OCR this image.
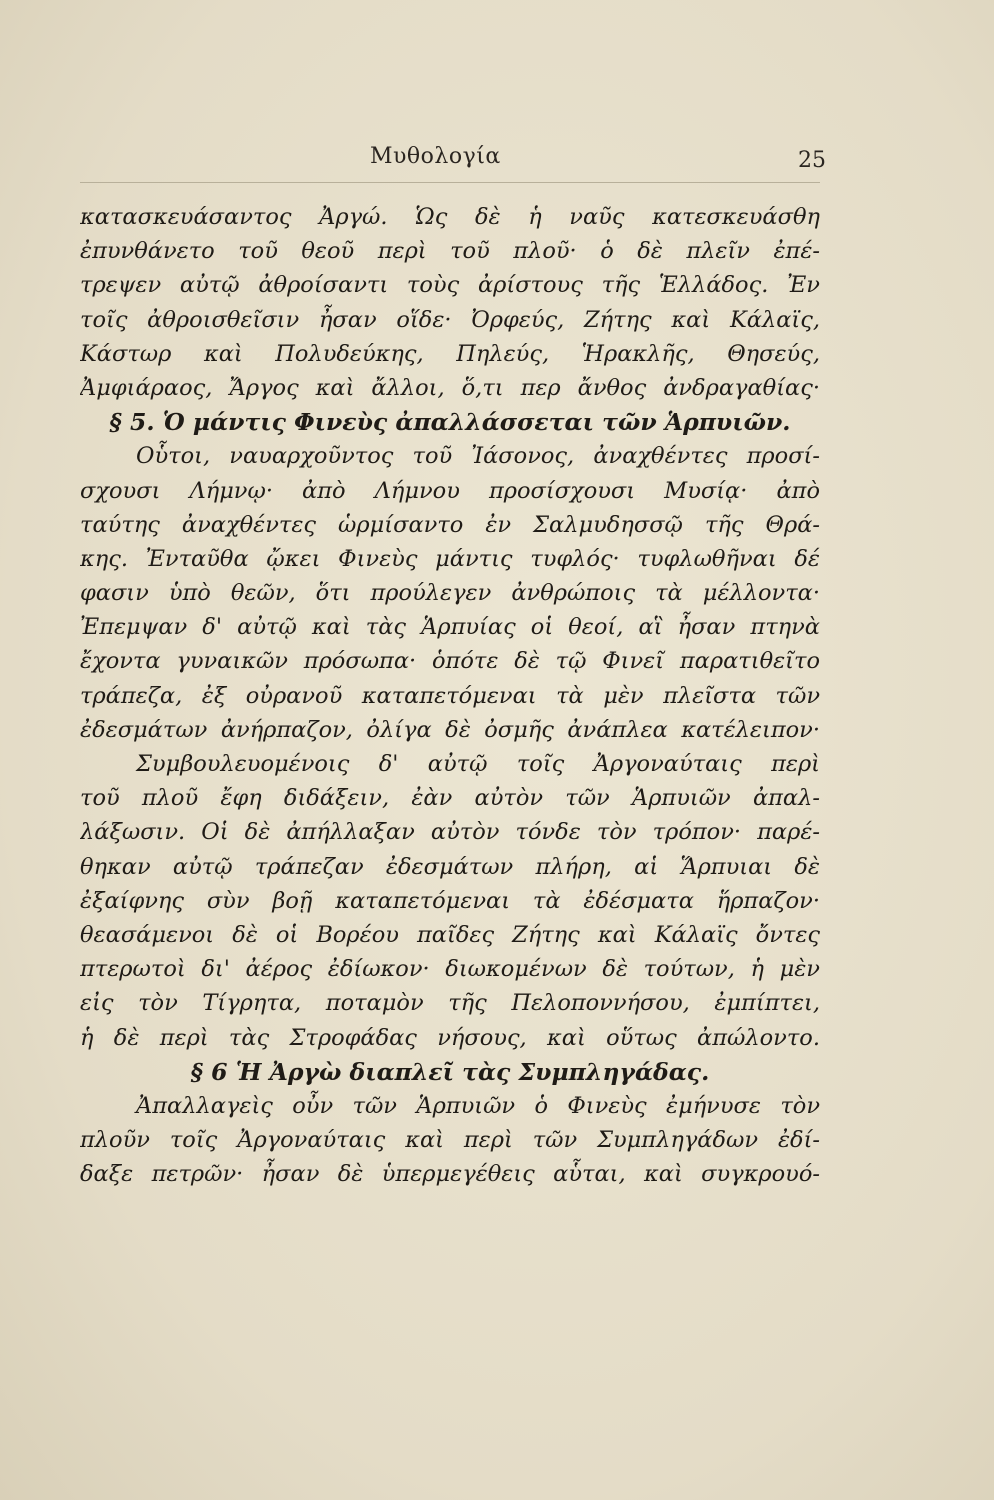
Μυθολογία	25
κατασκευάσαντος Ἀργώ. Ὡς δὲ ἡ ναῦς κατεσκευάσθη
ἐπυνθάνετο τοῦ θεοῦ περὶ τοῦ πλοῦ· ὁ δὲ πλεῖν ἐπέ-
τρεψεν αὐτῷ ἀθροίσαντι τοὺς ἀρίστους τῆς Ἑλλάδος. Ἐν
τοῖς ἀθροισθεῖσιν ἦσαν οἵδε· Ὀρφεύς, Ζήτης καὶ Κάλαϊς,
Κάστωρ καὶ Πολυδεύκης, Πηλεύς, Ἡρακλῆς, Θησεύς,
Ἀμφιάραος, Ἄργος καὶ ἄλλοι, ὅ,τι περ ἄνθος ἀνδραγαθίας·
§ 5. Ὁ μάντις Φινεὺς ἀπαλλάσσεται τῶν Ἁρπυιῶν.
Οὗτοι, ναυαρχοῦντος τοῦ Ἰάσονος, ἀναχθέντες προσί-
σχουσι Λήμνῳ· ἀπὸ Λήμνου προσίσχουσι Μυσίᾳ· ἀπὸ
ταύτης ἀναχθέντες ὡρμίσαντο ἐν Σαλμυδησσῷ τῆς Θρά-
κης. Ἐνταῦθα ᾤκει Φινεὺς μάντις τυφλός· τυφλωθῆναι δέ
φασιν ὑπὸ θεῶν, ὅτι προύλεγεν ἀνθρώποις τὰ μέλλοντα·
Ἐπεμψαν δ' αὐτῷ καὶ τὰς Ἁρπυίας οἱ θεοί, αἳ ἦσαν πτηνὰ
ἔχοντα γυναικῶν πρόσωπα· ὁπότε δὲ τῷ Φινεῖ παρατιθεῖτο
τράπεζα, ἐξ οὐρανοῦ καταπετόμεναι τὰ μὲν πλεῖστα τῶν
ἐδεσμάτων ἀνήρπαζον, ὀλίγα δὲ ὀσμῆς ἀνάπλεα κατέλειπον·
Συμβουλευομένοις δ' αὐτῷ τοῖς Ἀργοναύταις περὶ
τοῦ πλοῦ ἔφη διδάξειν, ἐὰν αὐτὸν τῶν Ἁρπυιῶν ἀπαλ-
λάξωσιν. Οἱ δὲ ἀπήλλαξαν αὐτὸν τόνδε τὸν τρόπον· παρέ-
θηκαν αὐτῷ τράπεζαν ἐδεσμάτων πλήρη, αἱ Ἅρπυιαι δὲ
ἐξαίφνης σὺν βοῇ καταπετόμεναι τὰ ἐδέσματα ἥρπαζον·
θεασάμενοι δὲ οἱ Βορέου παῖδες Ζήτης καὶ Κάλαϊς ὄντες
πτερωτοὶ δι' ἀέρος ἐδίωκον· διωκομένων δὲ τούτων, ἡ μὲν
εἰς τὸν Τίγρητα, ποταμὸν τῆς Πελοποννήσου, ἐμπίπτει,
ἡ δὲ περὶ τὰς Στροφάδας νήσους, καὶ οὕτως ἀπώλοντο.
§ 6 Ἡ Ἀργὼ διαπλεῖ τὰς Συμπληγάδας.
Ἀπαλλαγεὶς οὖν τῶν Ἁρπυιῶν ὁ Φινεὺς ἐμήνυσε τὸν
πλοῦν τοῖς Ἀργοναύταις καὶ περὶ τῶν Συμπληγάδων ἐδί-
δαξε πετρῶν· ἦσαν δὲ ὑπερμεγέθεις αὗται, καὶ συγκρουό-
